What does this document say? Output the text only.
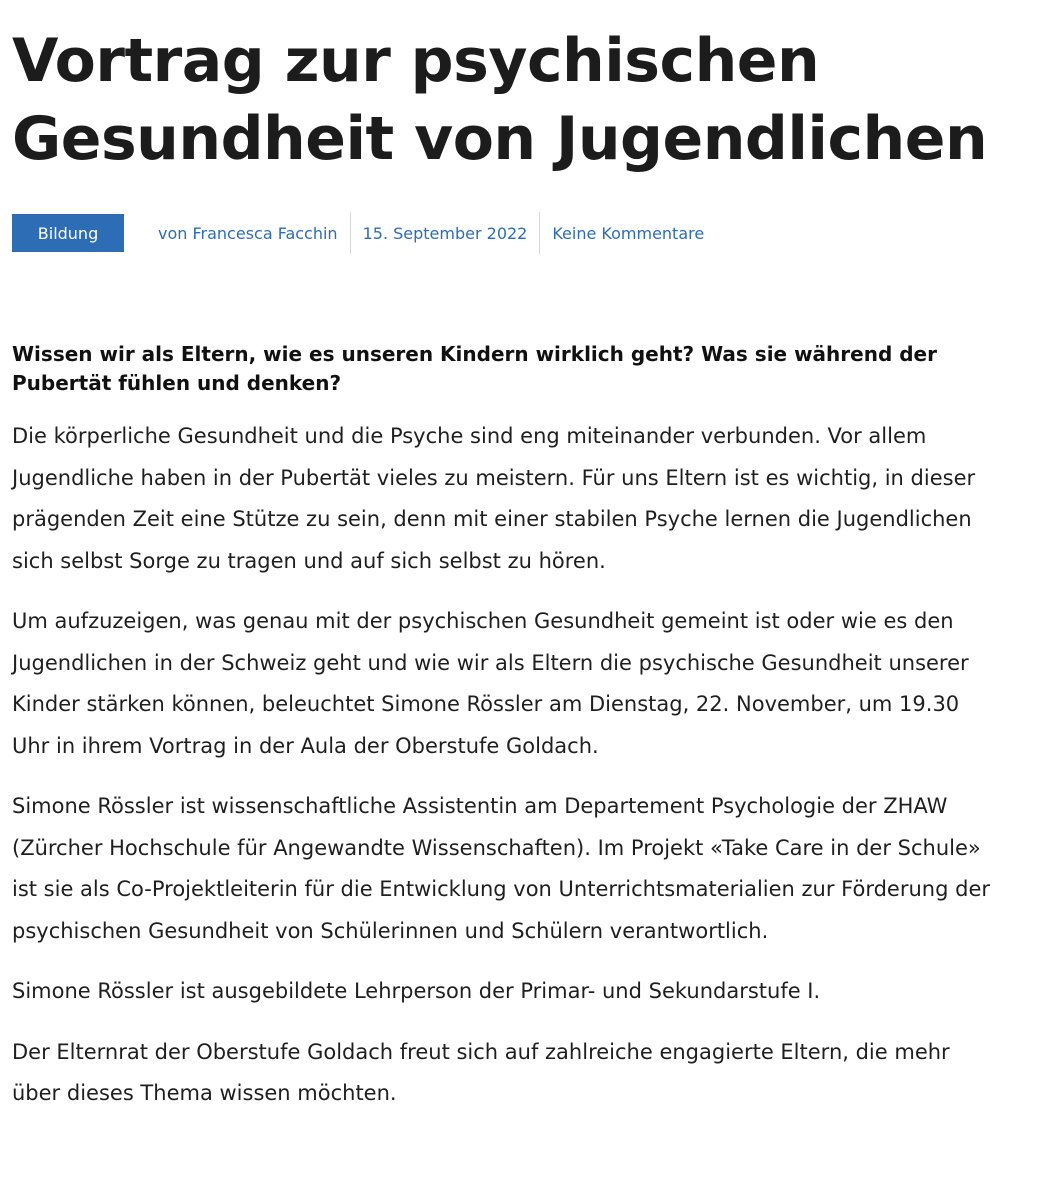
Vortrag zur psychischen Gesundheit von Jugendlichen
Bildung	von Francesca Facchin	15. September 2022	Keine Kommentare

Wissen wir als Eltern, wie es unseren Kindern wirklich geht? Was sie während der Pubertät fühlen und denken?

Die körperliche Gesundheit und die Psyche sind eng miteinander verbunden. Vor allem Jugendliche haben in der Pubertät vieles zu meistern. Für uns Eltern ist es wichtig, in dieser prägenden Zeit eine Stütze zu sein, denn mit einer stabilen Psyche lernen die Jugendlichen sich selbst Sorge zu tragen und auf sich selbst zu hören.

Um aufzuzeigen, was genau mit der psychischen Gesundheit gemeint ist oder wie es den Jugendlichen in der Schweiz geht und wie wir als Eltern die psychische Gesundheit unserer Kinder stärken können, beleuchtet Simone Rössler am Dienstag, 22. November, um 19.30 Uhr in ihrem Vortrag in der Aula der Oberstufe Goldach.

Simone Rössler ist wissenschaftliche Assistentin am Departement Psychologie der ZHAW (Zürcher Hochschule für Angewandte Wissenschaften). Im Projekt «Take Care in der Schule» ist sie als Co-Projektleiterin für die Entwicklung von Unterrichtsmaterialien zur Förderung der psychischen Gesundheit von Schülerinnen und Schülern verantwortlich.

Simone Rössler ist ausgebildete Lehrperson der Primar- und Sekundarstufe I.

Der Elternrat der Oberstufe Goldach freut sich auf zahlreiche engagierte Eltern, die mehr über dieses Thema wissen möchten.
